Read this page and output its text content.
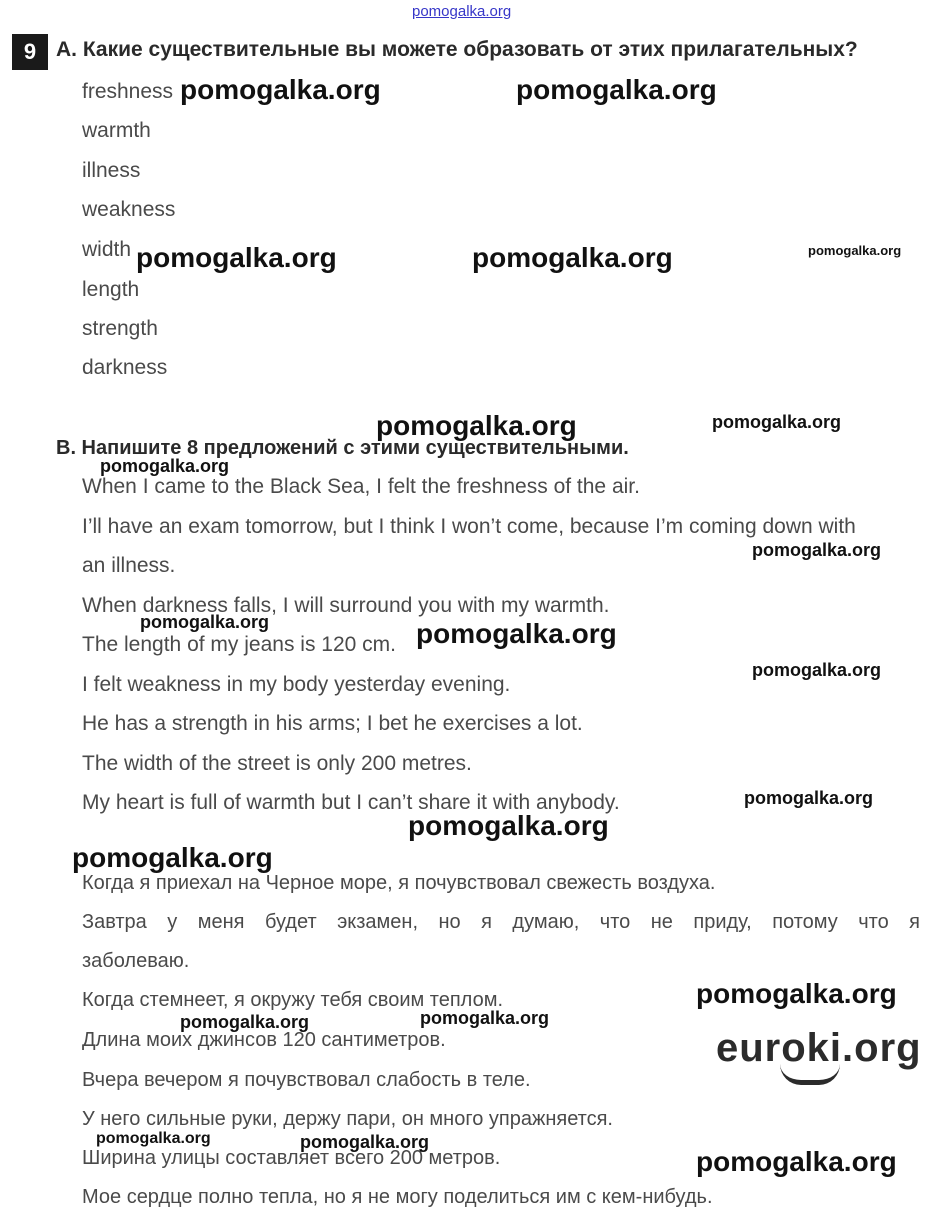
pomogalka.org
9 A. Какие существительные вы можете образовать от этих прилагательных?
freshness
warmth
illness
weakness
width
length
strength
darkness
B. Напишите 8 предложений с этими существительными.
When I came to the Black Sea, I felt the freshness of the air.
I’ll have an exam tomorrow, but I think I won’t come, because I’m coming down with
an illness.
When darkness falls, I will surround you with my warmth.
The length of my jeans is 120 cm.
I felt weakness in my body yesterday evening.
He has a strength in his arms; I bet he exercises a lot.
The width of the street is only 200 metres.
My heart is full of warmth but I can’t share it with anybody.
Когда я приехал на Черное море, я почувствовал свежесть воздуха.
Завтра у меня будет экзамен, но я думаю, что не приду, потому что я
заболеваю.
Когда стемнеет, я окружу тебя своим теплом.
Длина моих джинсов 120 сантиметров.
Вчера вечером я почувствовал слабость в теле.
У него сильные руки, держу пари, он много упражняется.
Ширина улицы составляет всего 200 метров.
Мое сердце полно тепла, но я не могу поделиться им с кем-нибудь.
pomogalka.org	pomogalka.org
pomogalka.org	pomogalka.org	pomogalka.org
pomogalka.org	pomogalka.org
pomogalka.org
pomogalka.org
pomogalka.org	pomogalka.org
pomogalka.org
pomogalka.org
pomogalka.org
pomogalka.org
pomogalka.org
pomogalka.org	pomogalka.org
pomogalka.org	pomogalka.org
pomogalka.org
euroki.org
